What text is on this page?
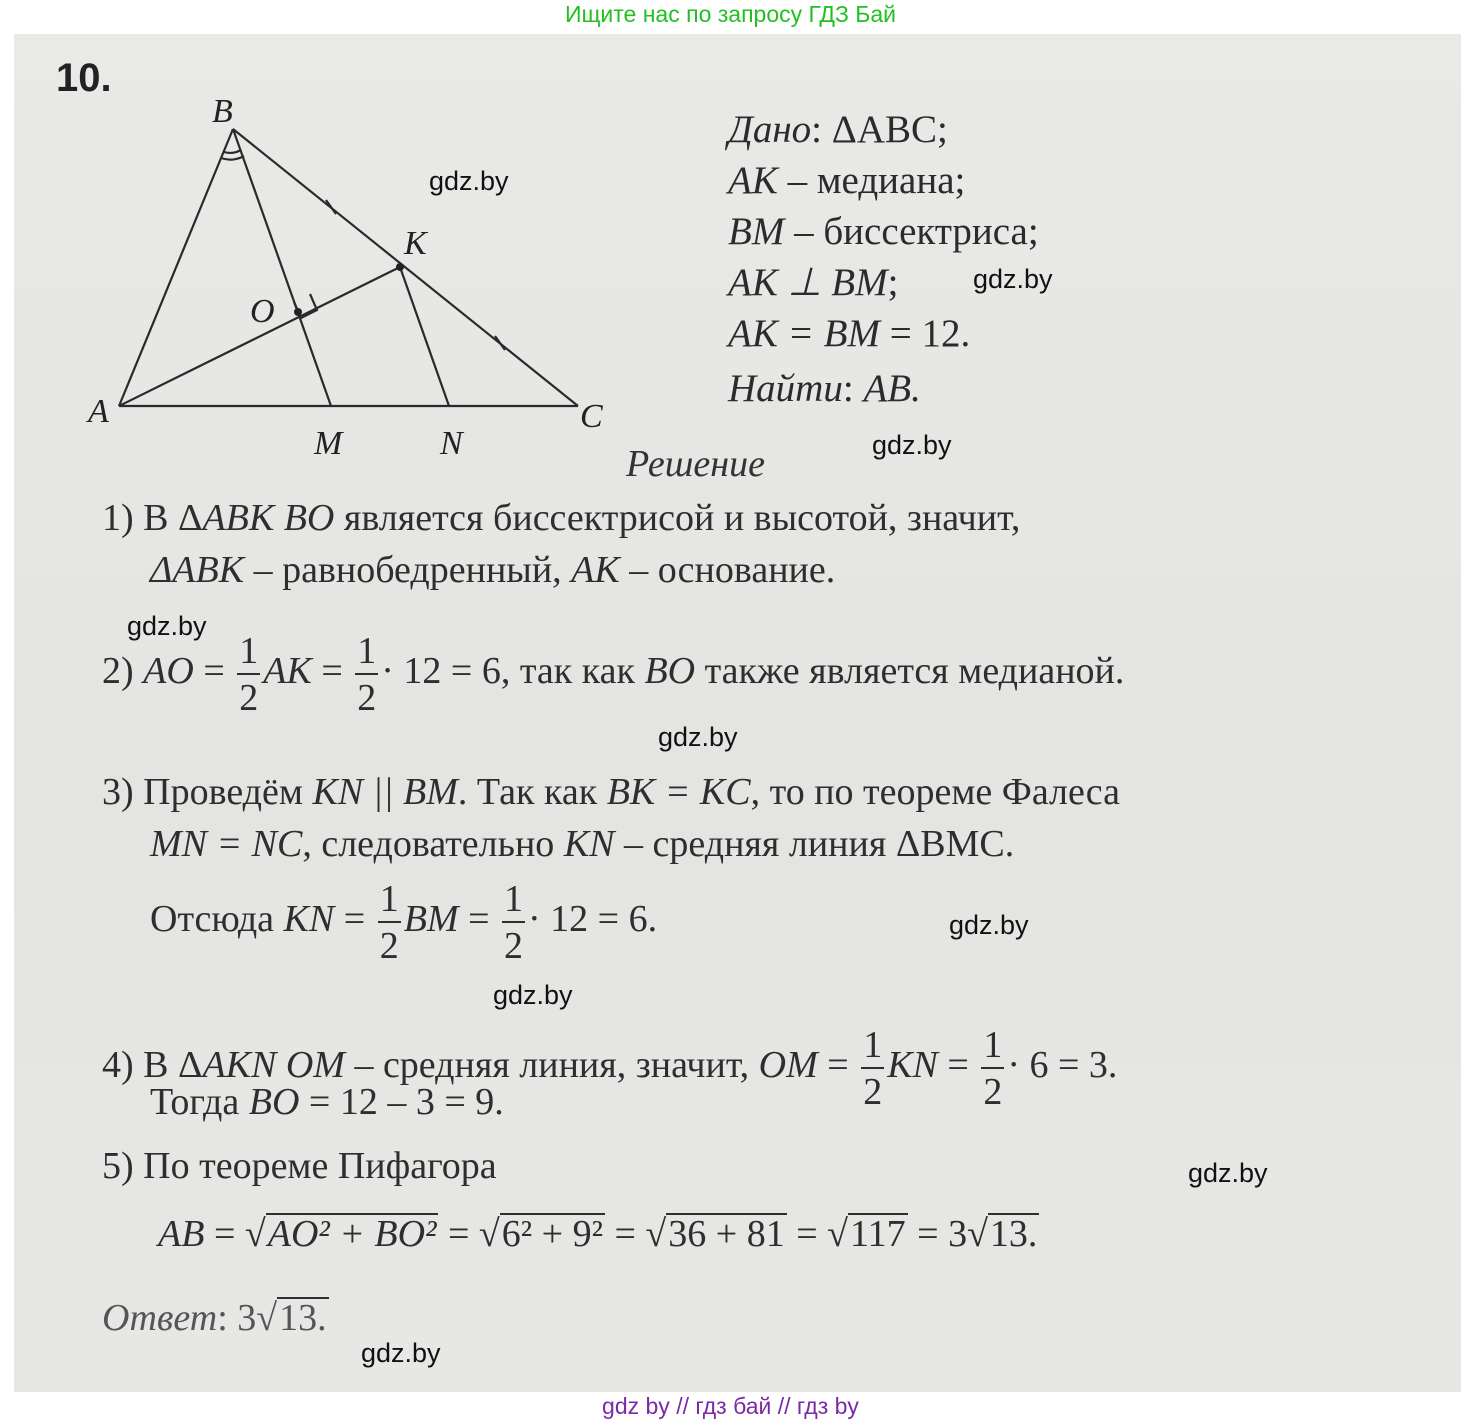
Ищите нас по запросу ГДЗ Бай
10.
B
A	C
K
O
M	N
Дано: ΔABC;
AK – медиана;
BM – биссектриса;
AK ⊥ BM;
AK = BM = 12.
Найти: AB.
Решение
1) В ΔABK BO является биссектрисой и высотой, значит,
ΔABK – равнобедренный, AK – основание.
2) AO = $\frac{1}{2}$ AK = $\frac{1}{2} \cdot 12 = 6$, так как BO также является медианой.
3) Проведём KN || BM. Так как BK = KC, то по теореме Фалеса
MN = NC, следовательно KN – средняя линия ΔBMC.
Отсюда KN = $\frac{1}{2}$ BM = $\frac{1}{2} \cdot 12 = 6$.
4) В ΔAKN OM – средняя линия, значит, OM = $\frac{1}{2}$ KN = $\frac{1}{2} \cdot 6 = 3$.
Тогда BO = 12 – 3 = 9.
5) По теореме Пифагора
AB = √AO² + BO² = √6² + 9² = √36 + 81 = √117 = 3√13.
Ответ: 3√13.
gdz.by
gdz.by
gdz.by
gdz.by
gdz.by
gdz.by
gdz.by
gdz.by
gdz.by
gdz by // гдз бай // гдз by
